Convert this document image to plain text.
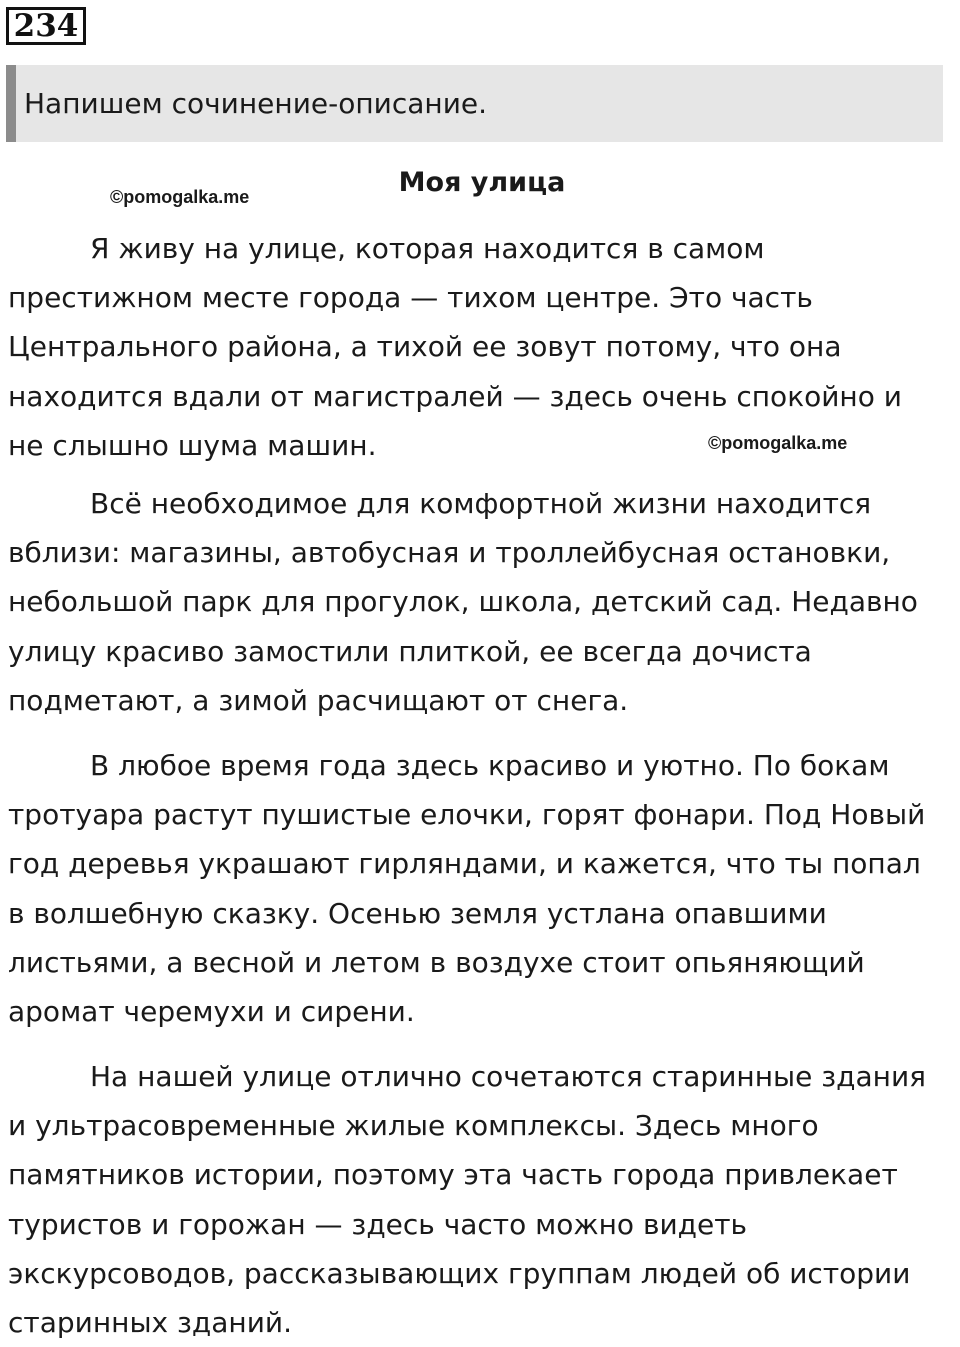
234
Напишем сочинение-описание.
Моя улица
©pomogalka.me
©pomogalka.me

Я живу на улице, которая находится в самом
престижном месте города — тихом центре. Это часть
Центрального района, а тихой ее зовут потому, что она
находится вдали от магистралей — здесь очень спокойно и
не слышно шума машин.

Всё необходимое для комфортной жизни находится
вблизи: магазины, автобусная и троллейбусная остановки,
небольшой парк для прогулок, школа, детский сад. Недавно
улицу красиво замостили плиткой, ее всегда дочиста
подметают, а зимой расчищают от снега.

В любое время года здесь красиво и уютно. По бокам
тротуара растут пушистые елочки, горят фонари. Под Новый
год деревья украшают гирляндами, и кажется, что ты попал
в волшебную сказку. Осенью земля устлана опавшими
листьями, а весной и летом в воздухе стоит опьяняющий
аромат черемухи и сирени.

На нашей улице отлично сочетаются старинные здания
и ультрасовременные жилые комплексы. Здесь много
памятников истории, поэтому эта часть города привлекает
туристов и горожан — здесь часто можно видеть
экскурсоводов, рассказывающих группам людей об истории
старинных зданий.
